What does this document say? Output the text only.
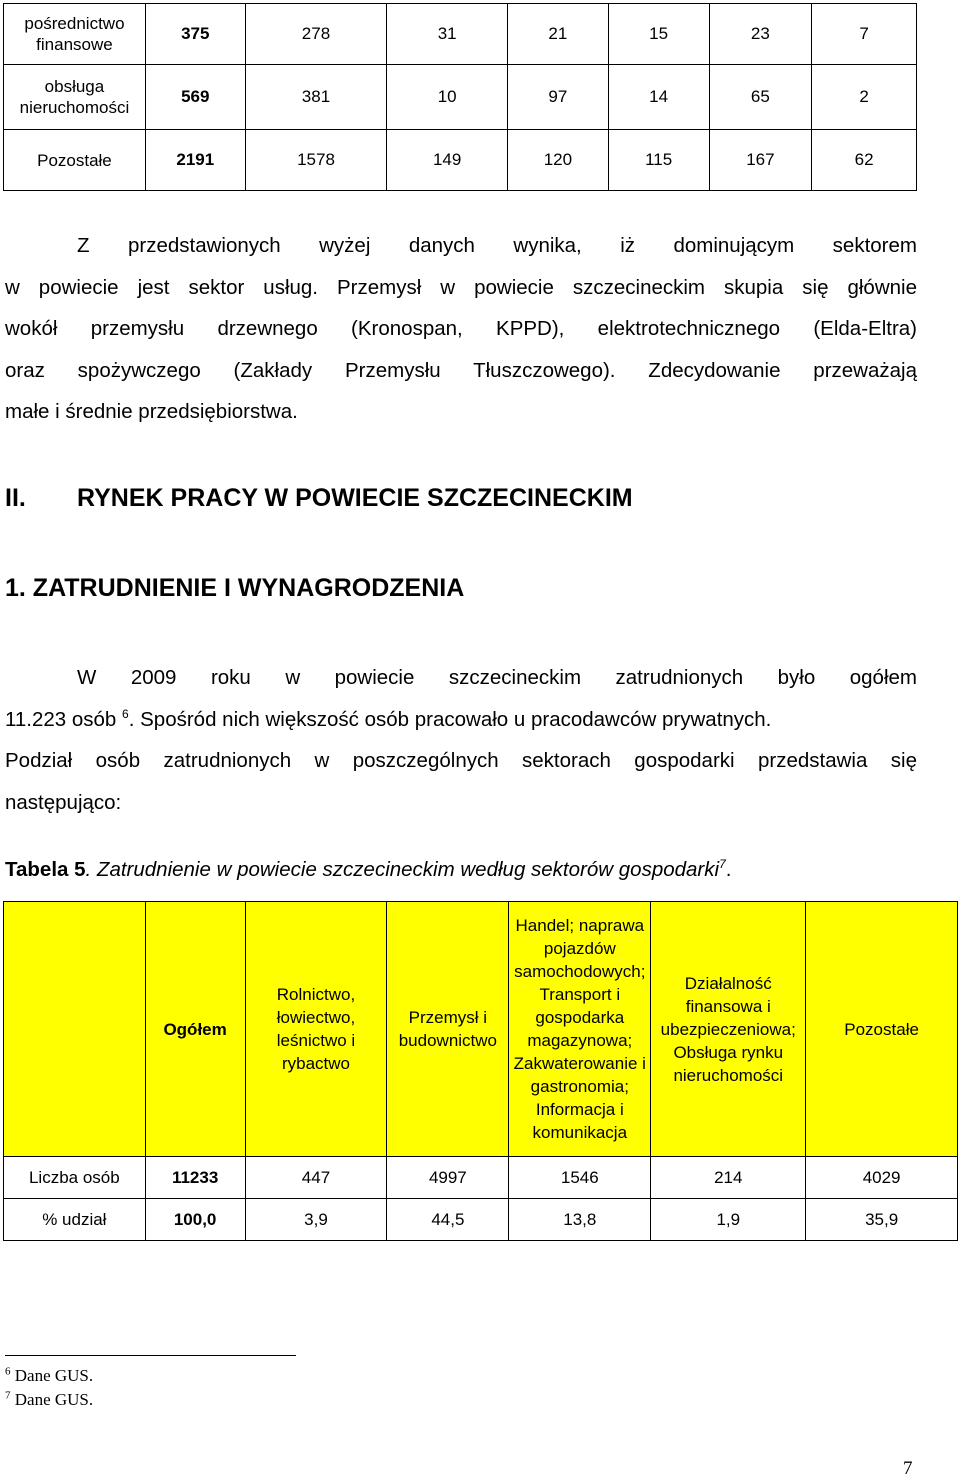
pośrednictwo finansowe	375	278	31	21	15	23	7
obsługa nieruchomości	569	381	10	97	14	65	2
Pozostałe	2191	1578	149	120	115	167	62
Z przedstawionych wyżej danych wynika, iż dominującym sektorem
w powiecie jest sektor usług. Przemysł w powiecie szczecineckim skupia się głównie
wokół przemysłu drzewnego (Kronospan, KPPD), elektrotechnicznego (Elda-Eltra)
oraz spożywczego (Zakłady Przemysłu Tłuszczowego). Zdecydowanie przeważają
małe i średnie przedsiębiorstwa.
II. RYNEK PRACY W POWIECIE SZCZECINECKIM
1. ZATRUDNIENIE I WYNAGRODZENIA
W 2009 roku w powiecie szczecineckim zatrudnionych było ogółem
11.223 osób $^6$. Spośród nich większość osób pracowało u pracodawców prywatnych.
Podział osób zatrudnionych w poszczególnych sektorach gospodarki przedstawia się
następująco:
Tabela 5. Zatrudnienie w powiecie szczecineckim według sektorów gospodarki$^7$.
	Ogółem	Rolnictwo, łowiectwo, leśnictwo i rybactwo	Przemysł i budownictwo	Handel; naprawa pojazdów samochodowych; Transport i gospodarka magazynowa; Zakwaterowanie i gastronomia; Informacja i komunikacja	Działalność finansowa i ubezpieczeniowa; Obsługa rynku nieruchomości	Pozostałe
Liczba osób	11233	447	4997	1546	214	4029
% udział	100,0	3,9	44,5	13,8	1,9	35,9
$^6$ Dane GUS.
$^7$ Dane GUS.
7
